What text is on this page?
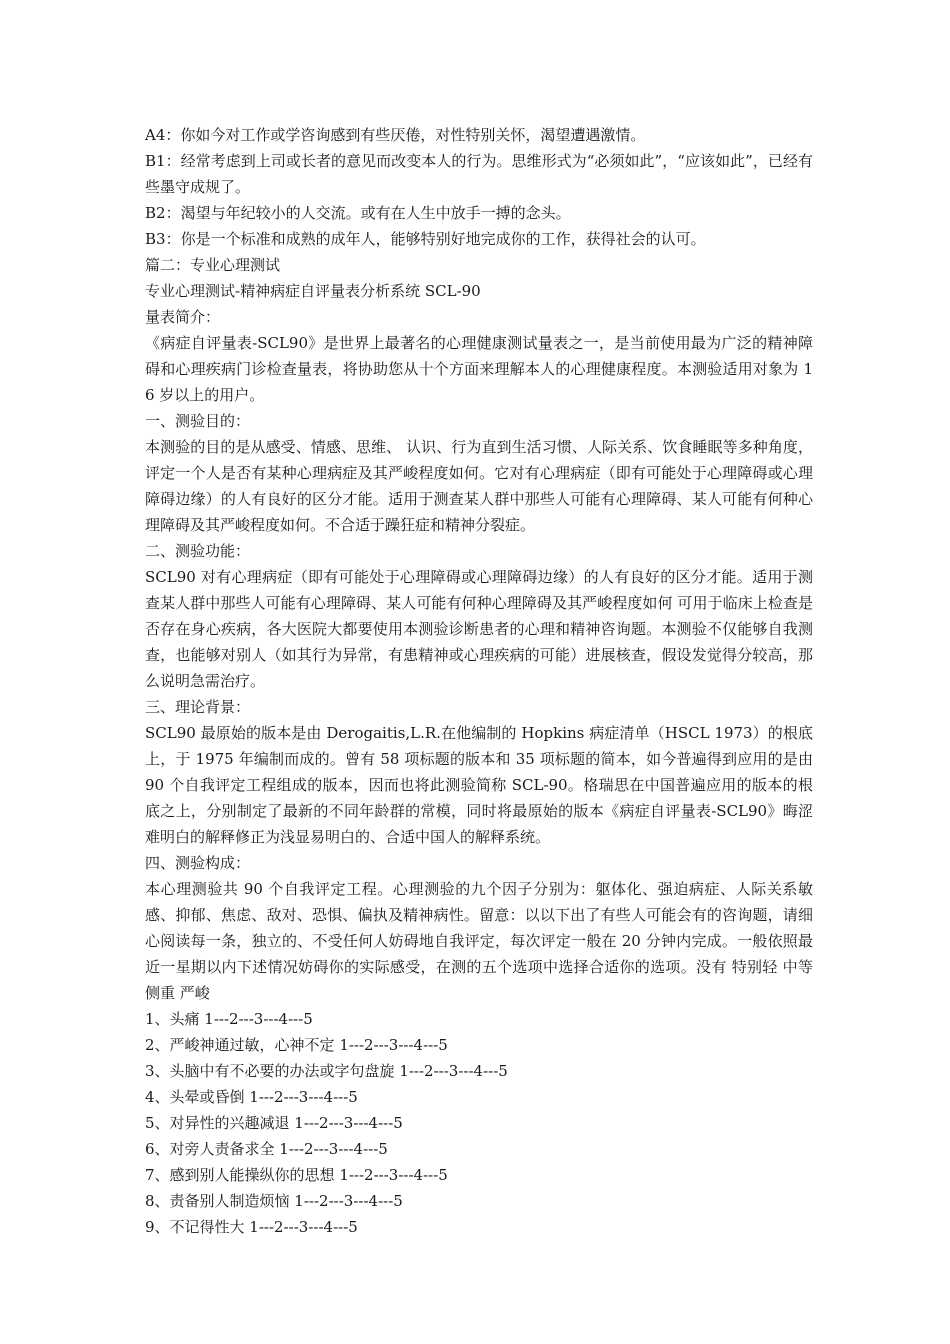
A4：你如今对工作或学咨询感到有些厌倦，对性特别关怀，渴望遭遇激情。

B1：经常考虑到上司或长者的意见而改变本人的行为。思维形式为“必须如此”，“应该如此”，已经有些墨守成规了。

B2：渴望与年纪较小的人交流。或有在人生中放手一搏的念头。

B3：你是一个标准和成熟的成年人，能够特别好地完成你的工作，获得社会的认可。

篇二：专业心理测试

专业心理测试-精神病症自评量表分析系统 SCL-90

量表简介：

《病症自评量表-SCL90》是世界上最著名的心理健康测试量表之一，是当前使用最为广泛的精神障碍和心理疾病门诊检查量表，将协助您从十个方面来理解本人的心理健康程度。本测验适用对象为 16 岁以上的用户。

一、测验目的：

本测验的目的是从感受、情感、思维、 认识、行为直到生活习惯、人际关系、饮食睡眠等多种角度，评定一个人是否有某种心理病症及其严峻程度如何。它对有心理病症（即有可能处于心理障碍或心理障碍边缘）的人有良好的区分才能。适用于测查某人群中那些人可能有心理障碍、某人可能有何种心理障碍及其严峻程度如何。不合适于躁狂症和精神分裂症。

二、测验功能：

SCL90 对有心理病症（即有可能处于心理障碍或心理障碍边缘）的人有良好的区分才能。适用于测查某人群中那些人可能有心理障碍、某人可能有何种心理障碍及其严峻程度如何 可用于临床上检查是否存在身心疾病，各大医院大都要使用本测验诊断患者的心理和精神咨询题。本测验不仅能够自我测查，也能够对别人（如其行为异常，有患精神或心理疾病的可能）进展核查，假设发觉得分较高，那么说明急需治疗。

三、理论背景：

SCL90 最原始的版本是由 Derogaitis,L.R.在他编制的 Hopkins 病症清单（HSCL 1973）的根底上，于 1975 年编制而成的。曾有 58 项标题的版本和 35 项标题的简本，如今普遍得到应用的是由 90 个自我评定工程组成的版本，因而也将此测验简称 SCL-90。格瑞思在中国普遍应用的版本的根底之上，分别制定了最新的不同年龄群的常模，同时将最原始的版本《病症自评量表-SCL90》晦涩难明白的解释修正为浅显易明白的、合适中国人的解释系统。

四、测验构成：

本心理测验共 90 个自我评定工程。心理测验的九个因子分别为：躯体化、强迫病症、人际关系敏感、抑郁、焦虑、敌对、恐惧、偏执及精神病性。留意：以以下出了有些人可能会有的咨询题，请细心阅读每一条，独立的、不受任何人妨碍地自我评定，每次评定一般在 20 分钟内完成。一般依照最近一星期以内下述情况妨碍你的实际感受，在测的五个选项中选择合适你的选项。没有 特别轻 中等 侧重 严峻

1、头痛 1---2---3---4---5

2、严峻神通过敏，心神不定 1---2---3---4---5

3、头脑中有不必要的办法或字句盘旋 1---2---3---4---5

4、头晕或昏倒 1---2---3---4---5

5、对异性的兴趣减退 1---2---3---4---5

6、对旁人责备求全 1---2---3---4---5

7、感到别人能操纵你的思想 1---2---3---4---5

8、责备别人制造烦恼 1---2---3---4---5

9、不记得性大 1---2---3---4---5
